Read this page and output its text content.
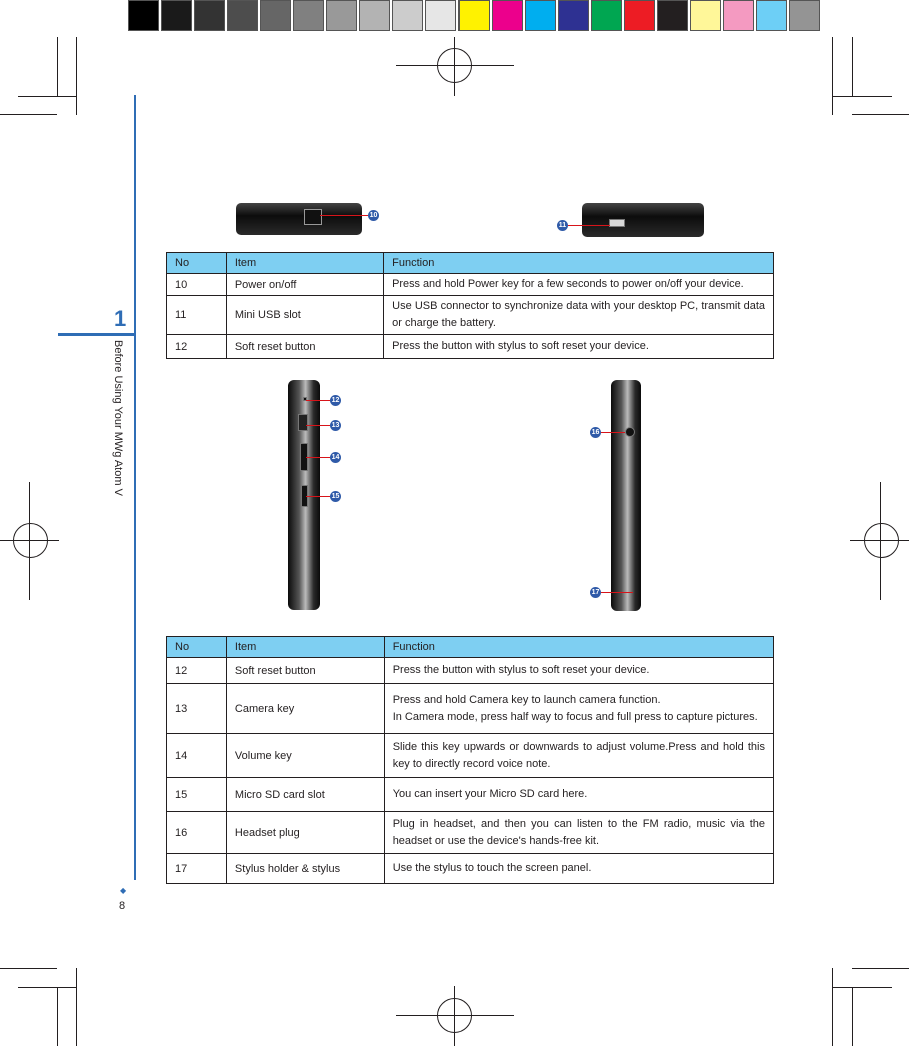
1
Before Using Your MWg Atom V
◆
8
10
11
No	Item	Function
10	Power on/off	Press and hold Power key for a few seconds to power on/off your device.
11	Mini USB slot	Use USB connector to synchronize data with your desktop PC, transmit data or charge the battery.
12	Soft reset button	Press the button with stylus to soft reset your device.
12
13
14
15
16
17
No	Item	Function
12	Soft reset button	Press the button with stylus to soft reset your device.
13	Camera key	Press and hold Camera key to launch camera function.
In Camera mode, press half way to focus and full press to capture pictures.

14	Volume key	Slide this key upwards or downwards to adjust volume.Press and hold this key to directly record voice note.
15	Micro SD card slot	You can insert your Micro SD card here.
16	Headset plug	Plug in headset, and then you can listen to the FM radio, music via the headset or use the device's hands-free kit.
17	Stylus holder & stylus	Use the stylus to touch the screen panel.
